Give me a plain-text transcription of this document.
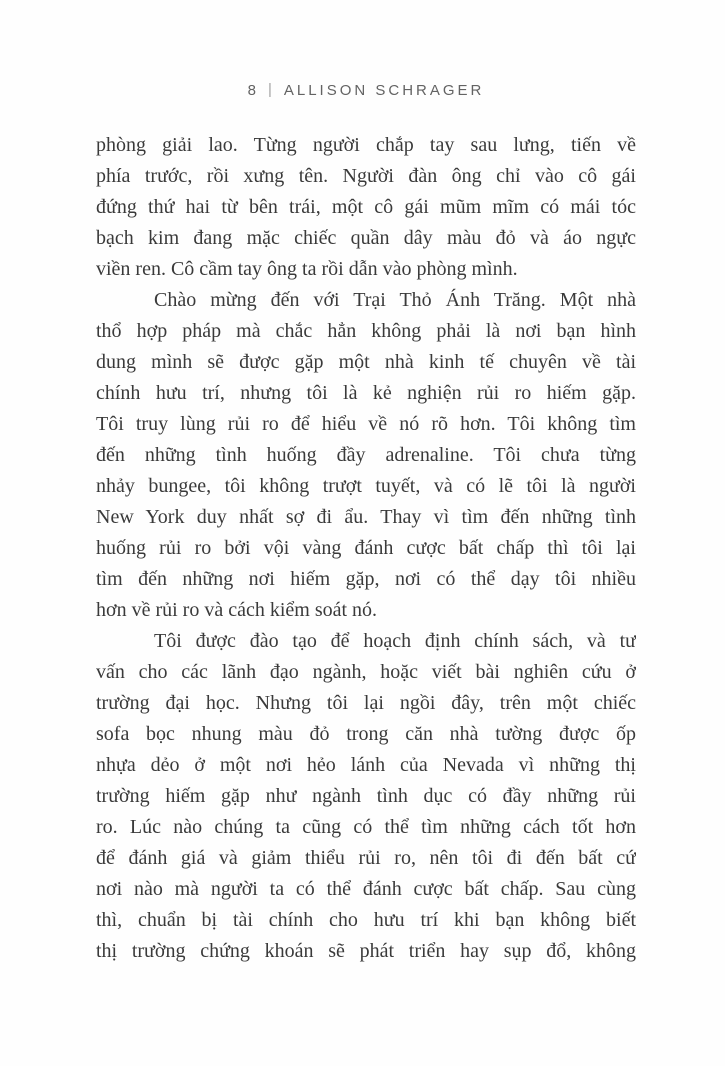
8 | ALLISON SCHRAGER
phòng giải lao. Từng người chắp tay sau lưng, tiến về
phía trước, rồi xưng tên. Người đàn ông chỉ vào cô gái
đứng thứ hai từ bên trái, một cô gái mũm mĩm có mái tóc
bạch kim đang mặc chiếc quần dây màu đỏ và áo ngực
viền ren. Cô cầm tay ông ta rồi dẫn vào phòng mình.
Chào mừng đến với Trại Thỏ Ánh Trăng. Một nhà
thổ hợp pháp mà chắc hẳn không phải là nơi bạn hình
dung mình sẽ được gặp một nhà kinh tế chuyên về tài
chính hưu trí, nhưng tôi là kẻ nghiện rủi ro hiếm gặp.
Tôi truy lùng rủi ro để hiểu về nó rõ hơn. Tôi không tìm
đến những tình huống đầy adrenaline. Tôi chưa từng
nhảy bungee, tôi không trượt tuyết, và có lẽ tôi là người
New York duy nhất sợ đi ẩu. Thay vì tìm đến những tình
huống rủi ro bởi vội vàng đánh cược bất chấp thì tôi lại
tìm đến những nơi hiếm gặp, nơi có thể dạy tôi nhiều
hơn về rủi ro và cách kiểm soát nó.
Tôi được đào tạo để hoạch định chính sách, và tư
vấn cho các lãnh đạo ngành, hoặc viết bài nghiên cứu ở
trường đại học. Nhưng tôi lại ngồi đây, trên một chiếc
sofa bọc nhung màu đỏ trong căn nhà tường được ốp
nhựa dẻo ở một nơi hẻo lánh của Nevada vì những thị
trường hiếm gặp như ngành tình dục có đầy những rủi
ro. Lúc nào chúng ta cũng có thể tìm những cách tốt hơn
để đánh giá và giảm thiểu rủi ro, nên tôi đi đến bất cứ
nơi nào mà người ta có thể đánh cược bất chấp. Sau cùng
thì, chuẩn bị tài chính cho hưu trí khi bạn không biết
thị trường chứng khoán sẽ phát triển hay sụp đổ, không
